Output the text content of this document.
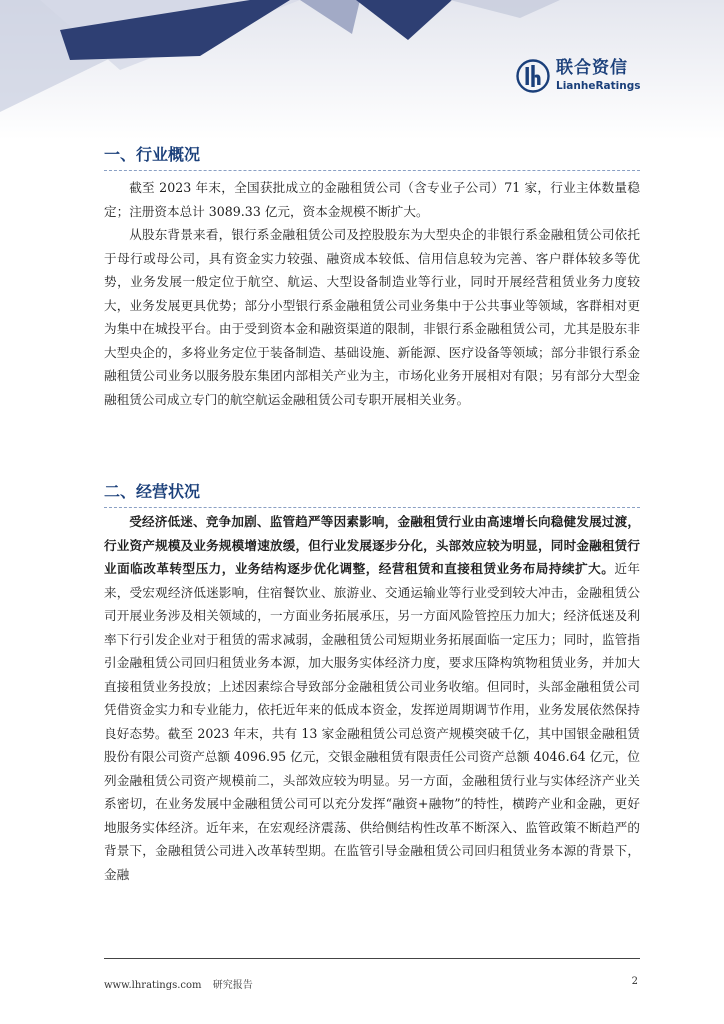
联合资信
LianheRatings
一、行业概况

截至 2023 年末，全国获批成立的金融租赁公司（含专业子公司）71 家，行业主体数量稳定；注册资本总计 3089.33 亿元，资本金规模不断扩大。

从股东背景来看，银行系金融租赁公司及控股股东为大型央企的非银行系金融租赁公司依托于母行或母公司，具有资金实力较强、融资成本较低、信用信息较为完善、客户群体较多等优势，业务发展一般定位于航空、航运、大型设备制造业等行业，同时开展经营租赁业务力度较大，业务发展更具优势；部分小型银行系金融租赁公司业务集中于公共事业等领域，客群相对更为集中在城投平台。由于受到资本金和融资渠道的限制，非银行系金融租赁公司，尤其是股东非大型央企的，多将业务定位于装备制造、基础设施、新能源、医疗设备等领域；部分非银行系金融租赁公司业务以服务股东集团内部相关产业为主，市场化业务开展相对有限；另有部分大型金融租赁公司成立专门的航空航运金融租赁公司专职开展相关业务。

二、经营状况

受经济低迷、竞争加剧、监管趋严等因素影响，金融租赁行业由高速增长向稳健发展过渡，行业资产规模及业务规模增速放缓，但行业发展逐步分化，头部效应较为明显，同时金融租赁行业面临改革转型压力，业务结构逐步优化调整，经营租赁和直接租赁业务布局持续扩大。近年来，受宏观经济低迷影响，住宿餐饮业、旅游业、交通运输业等行业受到较大冲击，金融租赁公司开展业务涉及相关领域的，一方面业务拓展承压，另一方面风险管控压力加大；经济低迷及利率下行引发企业对于租赁的需求减弱，金融租赁公司短期业务拓展面临一定压力；同时，监管指引金融租赁公司回归租赁业务本源，加大服务实体经济力度，要求压降构筑物租赁业务，并加大直接租赁业务投放；上述因素综合导致部分金融租赁公司业务收缩。但同时，头部金融租赁公司凭借资金实力和专业能力，依托近年来的低成本资金，发挥逆周期调节作用，业务发展依然保持良好态势。截至 2023 年末，共有 13 家金融租赁公司总资产规模突破千亿，其中国银金融租赁股份有限公司资产总额 4096.95 亿元，交银金融租赁有限责任公司资产总额 4046.64 亿元，位列金融租赁公司资产规模前二，头部效应较为明显。另一方面，金融租赁行业与实体经济产业关系密切，在业务发展中金融租赁公司可以充分发挥“融资+融物”的特性，横跨产业和金融，更好地服务实体经济。近年来，在宏观经济震荡、供给侧结构性改革不断深入、监管政策不断趋严的背景下，金融租赁公司进入改革转型期。在监管引导金融租赁公司回归租赁业务本源的背景下，金融

www.lhratings.com 研究报告	2
